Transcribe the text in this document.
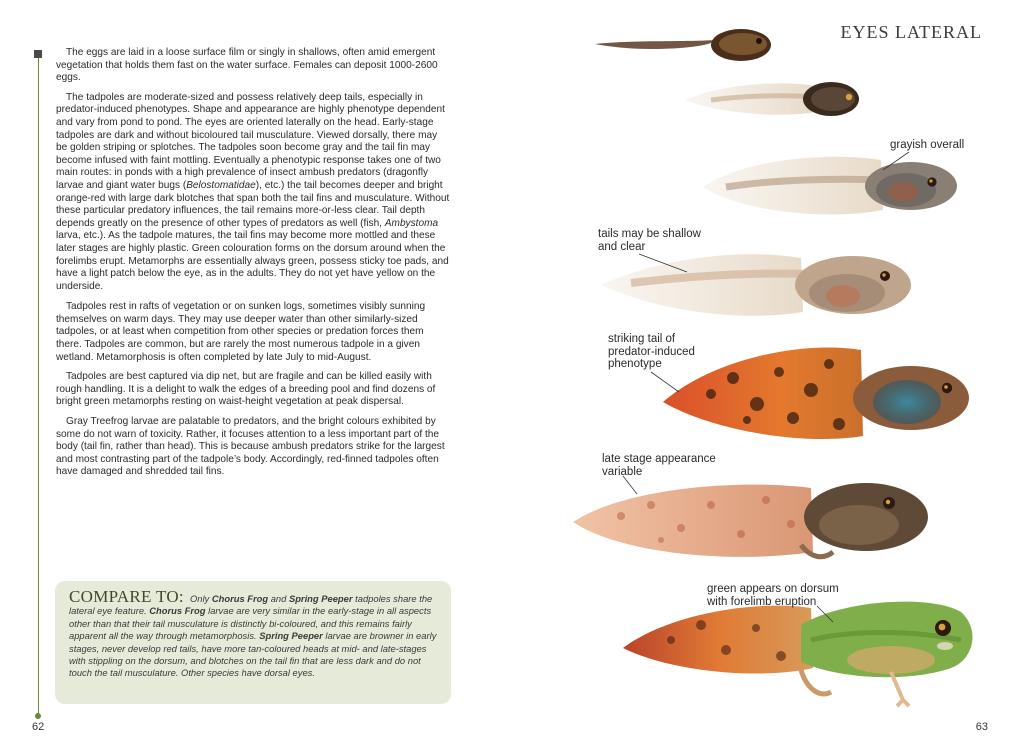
The eggs are laid in a loose surface film or singly in shallows, often amid emergent vegetation that holds them fast on the water surface. Females can deposit 1000-2600 eggs.

The tadpoles are moderate-sized and possess relatively deep tails, especially in predator-induced phenotypes. Shape and appearance are highly phenotype dependent and vary from pond to pond. The eyes are oriented laterally on the head. Early-stage tadpoles are dark and without bicoloured tail musculature. Viewed dorsally, there may be golden striping or splotches. The tadpoles soon become gray and the tail fin may become infused with faint mottling. Eventually a phenotypic response takes one of two main routes: in ponds with a high prevalence of insect ambush predators (dragonfly larvae and giant water bugs (Belostomatidae), etc.) the tail becomes deeper and bright orange-red with large dark blotches that span both the tail fins and musculature. Without these particular predatory influences, the tail remains more-or-less clear. Tail depth depends greatly on the presence of other types of predators as well (fish, Ambystoma larva, etc.). As the tadpole matures, the tail fins may become more mottled and these later stages are highly plastic. Green colouration forms on the dorsum around when the forelimbs erupt. Metamorphs are essentially always green, possess sticky toe pads, and have a light patch below the eye, as in the adults. They do not yet have yellow on the underside.

Tadpoles rest in rafts of vegetation or on sunken logs, sometimes visibly sunning themselves on warm days. They may use deeper water than other similarly-sized tadpoles, or at least when competition from other species or predation forces them there. Tadpoles are common, but are rarely the most numerous tadpole in a given wetland. Metamorphosis is often completed by late July to mid-August.

Tadpoles are best captured via dip net, but are fragile and can be killed easily with rough handling. It is a delight to walk the edges of a breeding pool and find dozens of bright green metamorphs resting on waist-height vegetation at peak dispersal.

Gray Treefrog larvae are palatable to predators, and the bright colours exhibited by some do not warn of toxicity. Rather, it focuses attention to a less important part of the body (tail fin, rather than head). This is because ambush predators strike for the largest and most contrasting part of the tadpole’s body. Accordingly, red-finned tadpoles often have damaged and shredded tail fins.

COMPARE TO: Only Chorus Frog and Spring Peeper tadpoles share the lateral eye feature. Chorus Frog larvae are very similar in the early-stage in all aspects other than that their tail musculature is distinctly bi-coloured, and this remains fairly apparent all the way through metamorphosis. Spring Peeper larvae are browner in early stages, never develop red tails, have more tan-coloured heads at mid- and late-stages with stippling on the dorsum, and blotches on the tail fin that are less dark and do not touch the tail musculature. Other species have dorsal eyes.
62
EYES LATERAL
grayish overall
tails may be shallow
and clear
striking tail of
predator-induced
phenotype
late stage appearance
variable
green appears on dorsum
with forelimb eruption
63
